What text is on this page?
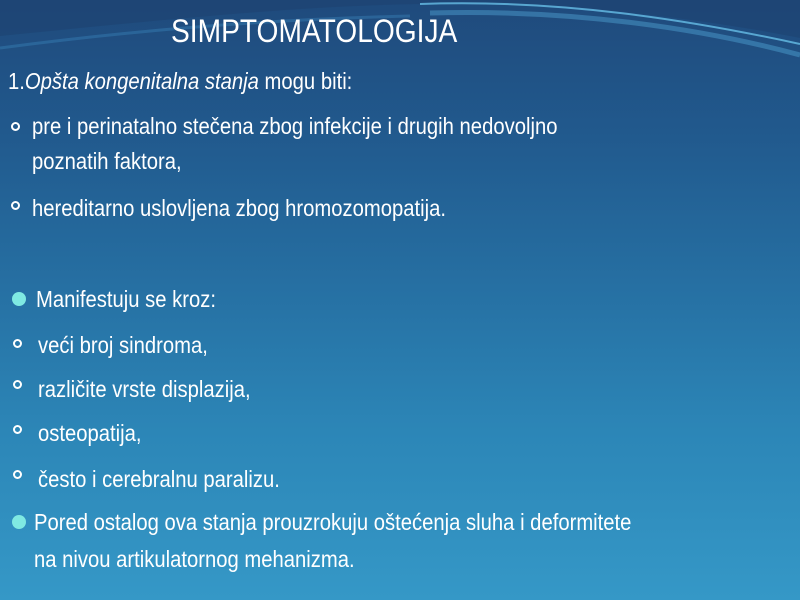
SIMPTOMATOLOGIJA
1.Opšta kongenitalna stanja mogu biti:
pre i perinatalno stečena zbog infekcije i drugih nedovoljno
poznatih faktora,
hereditarno uslovljena zbog hromozomopatija.
Manifestuju se kroz:
veći broj sindroma,
različite vrste displazija,
osteopatija,
često i cerebralnu paralizu.
Pored ostalog ova stanja prouzrokuju oštećenja sluha i deformitete
na nivou artikulatornog mehanizma.
